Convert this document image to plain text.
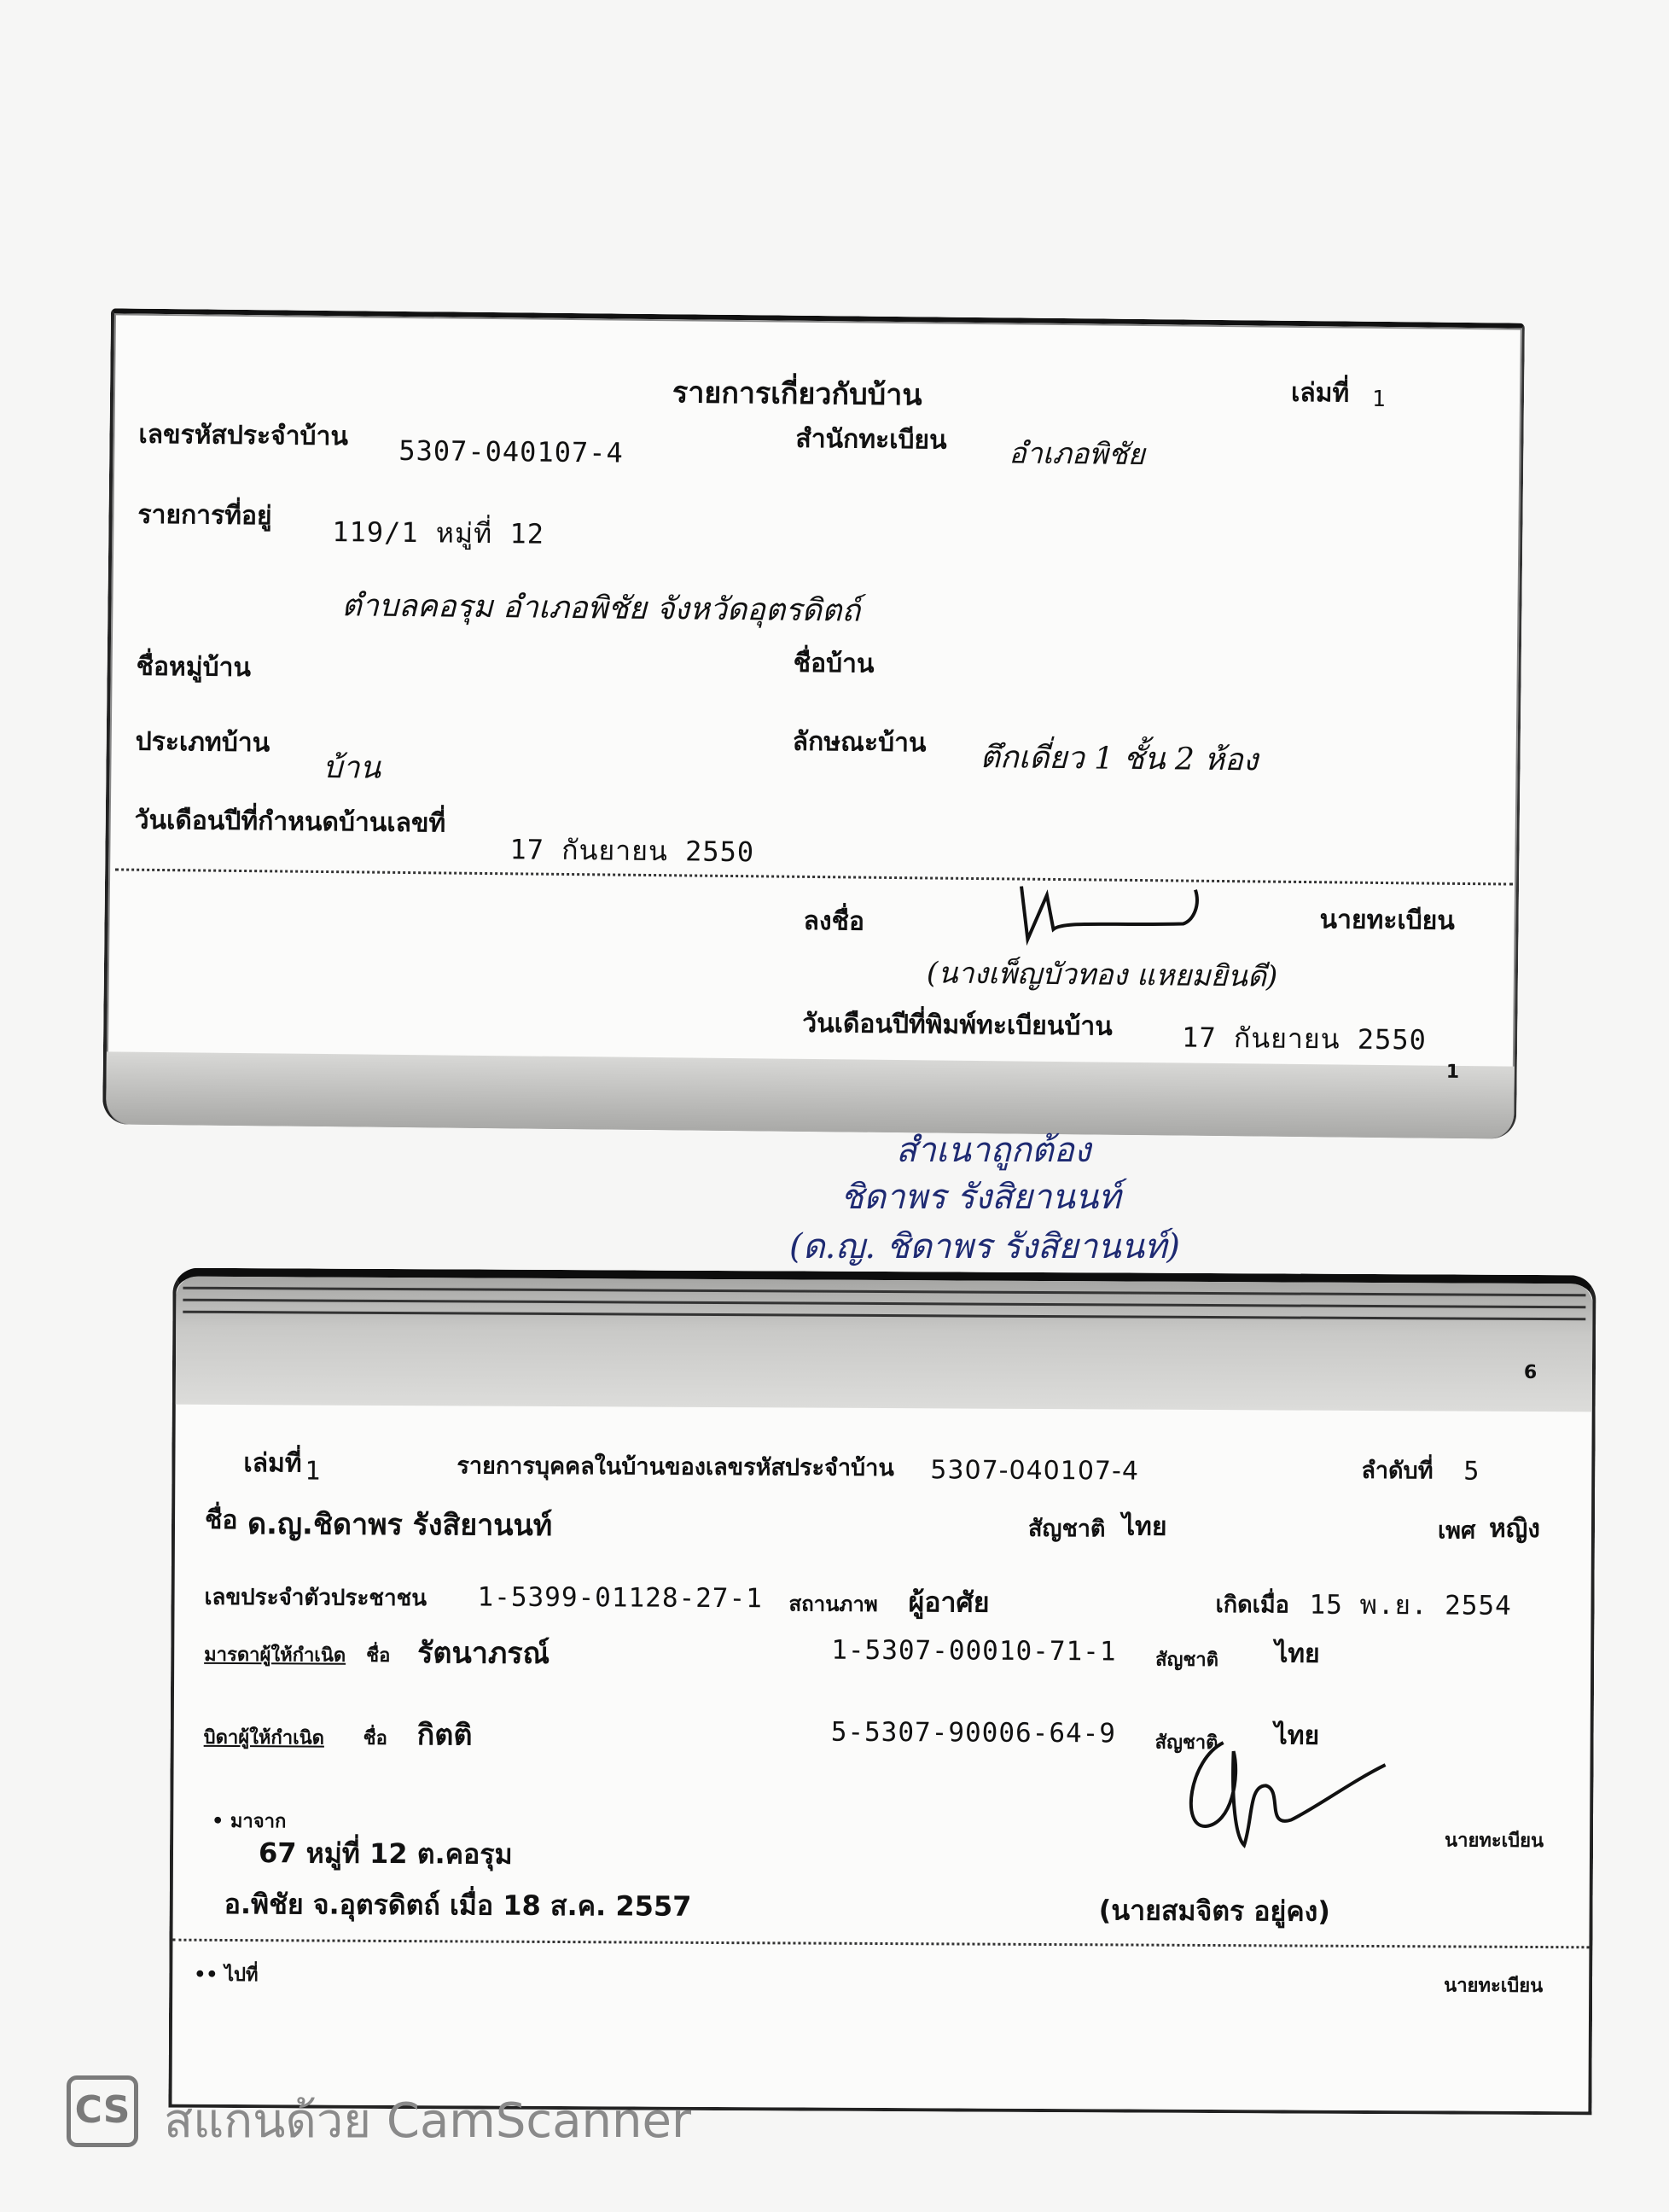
รายการเกี่ยวกับบ้าน	เล่มที่ 1
เลขรหัสประจำบ้าน 5307-040107-4	สำนักทะเบียน อำเภอพิชัย
รายการที่อยู่
119/1 หมู่ที่ 12
ตำบลคอรุม อำเภอพิชัย จังหวัดอุตรดิตถ์
ชื่อหมู่บ้าน	ชื่อบ้าน
ประเภทบ้าน
บ้าน
ลักษณะบ้าน ตึกเดี่ยว 1 ชั้น 2 ห้อง
วันเดือนปีที่กำหนดบ้านเลขที่
17 กันยายน 2550
ลงชื่อ	นายทะเบียน
(นางเพ็ญบัวทอง แหยมยินดี)
วันเดือนปีที่พิมพ์ทะเบียนบ้าน	17 กันยายน 2550
1
สำเนาถูกต้อง
ชิดาพร รังสิยานนท์
(ด.ญ. ชิดาพร รังสิยานนท์)
6
เล่มที่ 1	รายการบุคคลในบ้านของเลขรหัสประจำบ้าน 5307-040107-4	ลำดับที่ 5
ชื่อ ด.ญ.ชิดาพร รังสิยานนท์	สัญชาติ ไทย	เพศ หญิง
เลขประจำตัวประชาชน 1-5399-01128-27-1 สถานภาพ ผู้อาศัย	เกิดเมื่อ 15 พ.ย. 2554
มารดาผู้ให้กำเนิด ชื่อ รัตนาภรณ์	1-5307-00010-71-1 สัญชาติ ไทย
บิดาผู้ให้กำเนิด ชื่อ กิตติ	5-5307-90006-64-9 สัญชาติ ไทย
• มาจาก
67 หมู่ที่ 12 ต.คอรุม
อ.พิชัย จ.อุตรดิตถ์ เมื่อ 18 ส.ค. 2557
นายทะเบียน
(นายสมจิตร อยู่คง)
•• ไปที่	นายทะเบียน
CS สแกนด้วย CamScanner
